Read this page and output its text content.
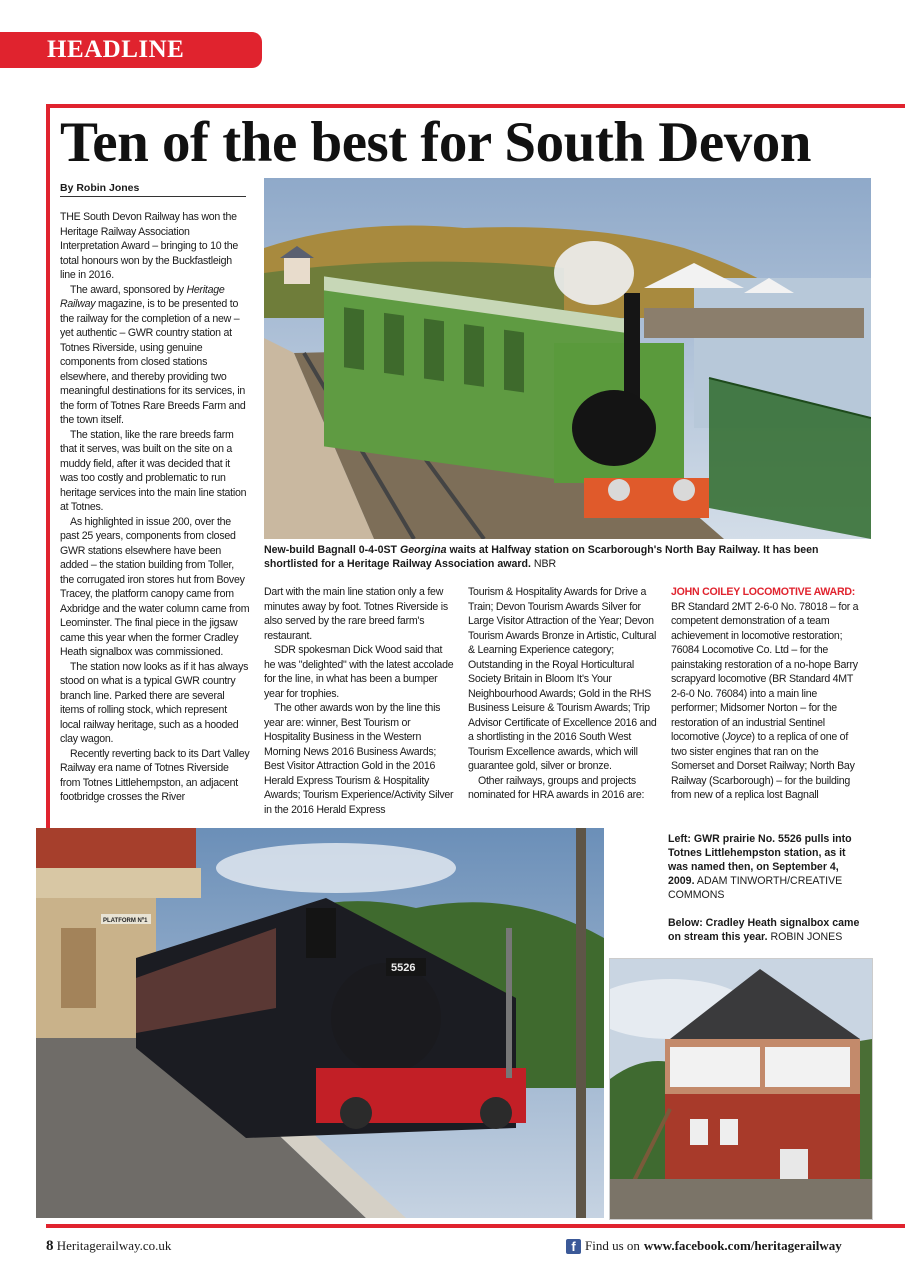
HEADLINE NEWS
Ten of the best for South Devon
By Robin Jones

THE South Devon Railway has won the Heritage Railway Association Interpretation Award – bringing to 10 the total honours won by the Buckfastleigh line in 2016.

The award, sponsored by Heritage Railway magazine, is to be presented to the railway for the completion of a new – yet authentic – GWR country station at Totnes Riverside, using genuine components from closed stations elsewhere, and thereby providing two meaningful destinations for its services, in the form of Totnes Rare Breeds Farm and the town itself.

The station, like the rare breeds farm that it serves, was built on the site on a muddy field, after it was decided that it was too costly and problematic to run heritage services into the main line station at Totnes.

As highlighted in issue 200, over the past 25 years, components from closed GWR stations elsewhere have been added – the station building from Toller, the corrugated iron stores hut from Bovey Tracey, the platform canopy came from Axbridge and the water column came from Leominster. The final piece in the jigsaw came this year when the former Cradley Heath signalbox was commissioned.

The station now looks as if it has always stood on what is a typical GWR country branch line. Parked there are several items of rolling stock, which represent local railway heritage, such as a hooded clay wagon.

Recently reverting back to its Dart Valley Railway era name of Totnes Riverside from Totnes Littlehempston, an adjacent footbridge crosses the River

New-build Bagnall 0-4-0ST Georgina waits at Halfway station on Scarborough's North Bay Railway. It has been shortlisted for a Heritage Railway Association award. NBR

Dart with the main line station only a few minutes away by foot. Totnes Riverside is also served by the rare breed farm's restaurant.

SDR spokesman Dick Wood said that he was "delighted" with the latest accolade for the line, in what has been a bumper year for trophies.

The other awards won by the line this year are: winner, Best Tourism or Hospitality Business in the Western Morning News 2016 Business Awards; Best Visitor Attraction Gold in the 2016 Herald Express Tourism & Hospitality Awards; Tourism Experience/Activity Silver in the 2016 Herald Express

Tourism & Hospitality Awards for Drive a Train; Devon Tourism Awards Silver for Large Visitor Attraction of the Year; Devon Tourism Awards Bronze in Artistic, Cultural & Learning Experience category; Outstanding in the Royal Horticultural Society Britain in Bloom It's Your Neighbourhood Awards; Gold in the RHS Business Leisure & Tourism Awards; Trip Advisor Certificate of Excellence 2016 and a shortlisting in the 2016 South West Tourism Excellence awards, which will guarantee gold, silver or bronze.

Other railways, groups and projects nominated for HRA awards in 2016 are:

JOHN COILEY LOCOMOTIVE AWARD: BR Standard 2MT 2-6-0 No. 78018 – for a competent demonstration of a team achievement in locomotive restoration; 76084 Locomotive Co. Ltd – for the painstaking restoration of a no-hope Barry scrapyard locomotive (BR Standard 4MT 2-6-0 No. 76084) into a main line performer; Midsomer Norton – for the restoration of an industrial Sentinel locomotive (Joyce) to a replica of one of two sister engines that ran on the Somerset and Dorset Railway; North Bay Railway (Scarborough) – for the building from new of a replica lost Bagnall

PLATFORM Nº1
5526

Left: GWR prairie No. 5526 pulls into Totnes Littlehempston station, as it was named then, on September 4, 2009. ADAM TINWORTH/CREATIVE COMMONS

Below: Cradley Heath signalbox came on stream this year. ROBIN JONES

8 Heritagerailway.co.uk	f Find us on www.facebook.com/heritagerailway
